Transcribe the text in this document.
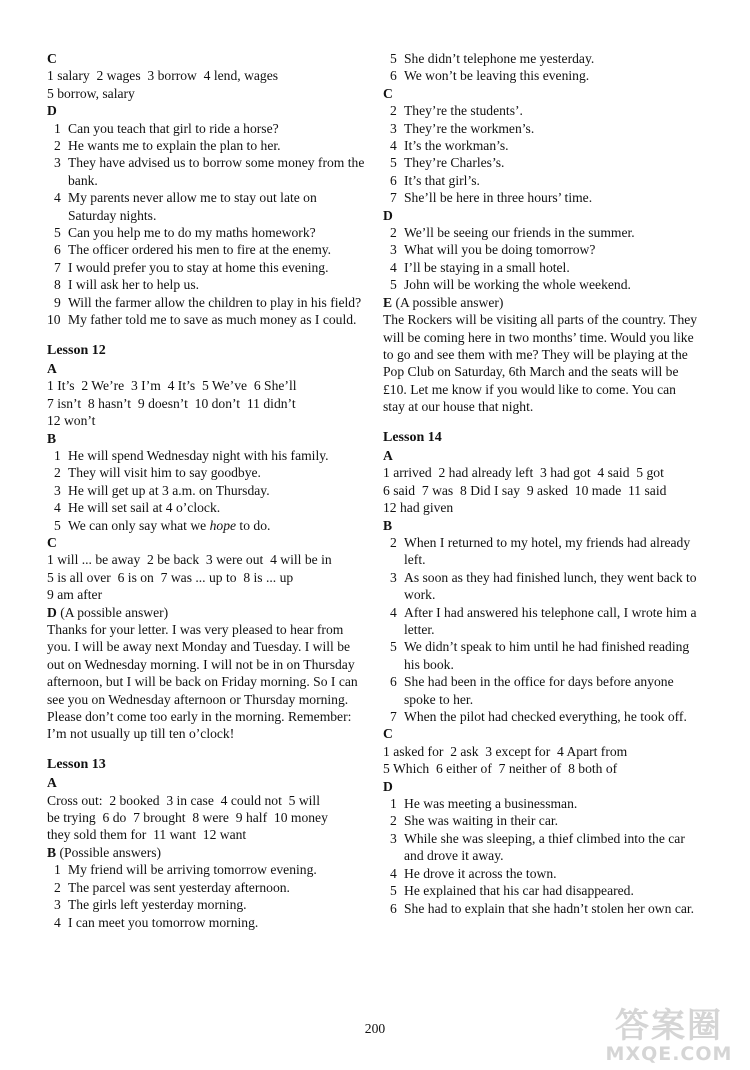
C
1 salary  2 wages  3 borrow  4 lend, wages
5 borrow, salary
D
1 Can you teach that girl to ride a horse?
2 He wants me to explain the plan to her.
3 They have advised us to borrow some money from the bank.
4 My parents never allow me to stay out late on Saturday nights.
5 Can you help me to do my maths homework?
6 The officer ordered his men to fire at the enemy.
7 I would prefer you to stay at home this evening.
8 I will ask her to help us.
9 Will the farmer allow the children to play in his field?
10 My father told me to save as much money as I could.
Lesson 12
A
1 It’s  2 We’re  3 I’m  4 It’s  5 We’ve  6 She’ll
7 isn’t  8 hasn’t  9 doesn’t  10 don’t  11 didn’t
12 won’t
B
1 He will spend Wednesday night with his family.
2 They will visit him to say goodbye.
3 He will get up at 3 a.m. on Thursday.
4 He will set sail at 4 o’clock.
5 We can only say what we hope to do.
C
1 will ... be away  2 be back  3 were out  4 will be in
5 is all over  6 is on  7 was ... up to  8 is ... up
9 am after
D (A possible answer)
Thanks for your letter. I was very pleased to hear from you. I will be away next Monday and Tuesday. I will be out on Wednesday morning. I will not be in on Thursday afternoon, but I will be back on Friday morning. So I can see you on Wednesday afternoon or Thursday morning. Please don’t come too early in the morning. Remember: I’m not usually up till ten o’clock!
Lesson 13
A
Cross out:  2 booked  3 in case  4 could not  5 will
be trying  6 do  7 brought  8 were  9 half  10 money
they sold them for  11 want  12 want
B (Possible answers)
1 My friend will be arriving tomorrow evening.
2 The parcel was sent yesterday afternoon.
3 The girls left yesterday morning.
4 I can meet you tomorrow morning.
5 She didn’t telephone me yesterday.
6 We won’t be leaving this evening.
C
2 They’re the students’.
3 They’re the workmen’s.
4 It’s the workman’s.
5 They’re Charles’s.
6 It’s that girl’s.
7 She’ll be here in three hours’ time.
D
2 We’ll be seeing our friends in the summer.
3 What will you be doing tomorrow?
4 I’ll be staying in a small hotel.
5 John will be working the whole weekend.
E (A possible answer)
The Rockers will be visiting all parts of the country. They will be coming here in two months’ time. Would you like to go and see them with me? They will be playing at the Pop Club on Saturday, 6th March and the seats will be £10. Let me know if you would like to come. You can stay at our house that night.
Lesson 14
A
1 arrived  2 had already left  3 had got  4 said  5 got
6 said  7 was  8 Did I say  9 asked  10 made  11 said
12 had given
B
2 When I returned to my hotel, my friends had already left.
3 As soon as they had finished lunch, they went back to work.
4 After I had answered his telephone call, I wrote him a letter.
5 We didn’t speak to him until he had finished reading his book.
6 She had been in the office for days before anyone spoke to her.
7 When the pilot had checked everything, he took off.
C
1 asked for  2 ask  3 except for  4 Apart from
5 Which  6 either of  7 neither of  8 both of
D
1 He was meeting a businessman.
2 She was waiting in their car.
3 While she was sleeping, a thief climbed into the car and drove it away.
4 He drove it across the town.
5 He explained that his car had disappeared.
6 She had to explain that she hadn’t stolen her own car.
200	答案圈
MXQE.COM
